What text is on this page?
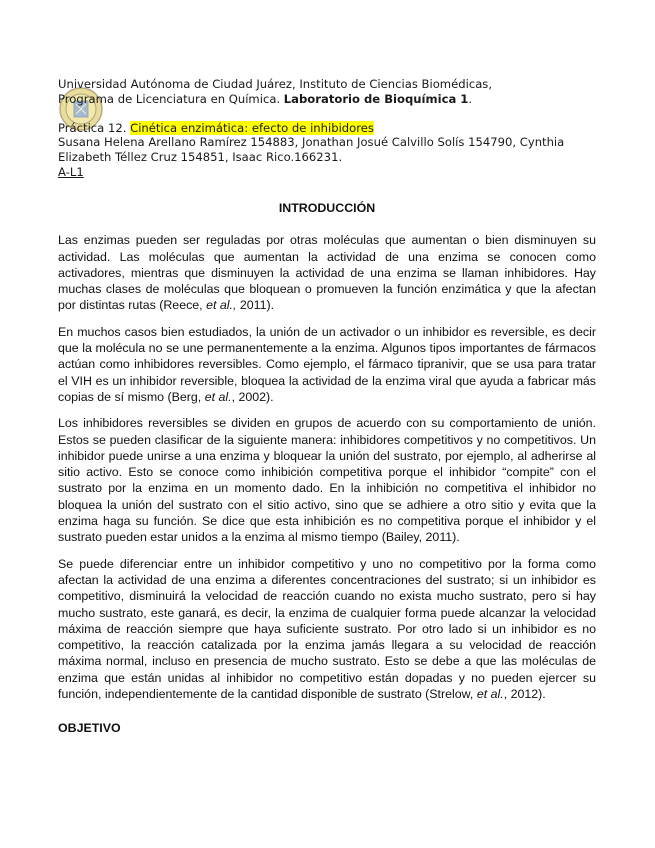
Universidad Autónoma de Ciudad Juárez, Instituto de Ciencias Biomédicas,
Programa de Licenciatura en Química. Laboratorio de Bioquímica 1.
Práctica 12. Cinética enzimática: efecto de inhibidores
Susana Helena Arellano Ramírez 154883, Jonathan Josué Calvillo Solís 154790, Cynthia
Elizabeth Téllez Cruz 154851, Isaac Rico.166231.
A-L1
INTRODUCCIÓN

Las enzimas pueden ser reguladas por otras moléculas que aumentan o bien disminuyen su actividad. Las moléculas que aumentan la actividad de una enzima se conocen como activadores, mientras que disminuyen la actividad de una enzima se llaman inhibidores. Hay muchas clases de moléculas que bloquean o promueven la función enzimática y que la afectan por distintas rutas (Reece, et al., 2011).

En muchos casos bien estudiados, la unión de un activador o un inhibidor es reversible, es decir que la molécula no se une permanentemente a la enzima. Algunos tipos importantes de fármacos actúan como inhibidores reversibles. Como ejemplo, el fármaco tipranivir, que se usa para tratar el VIH es un inhibidor reversible, bloquea la actividad de la enzima viral que ayuda a fabricar más copias de sí mismo (Berg, et al., 2002).

Los inhibidores reversibles se dividen en grupos de acuerdo con su comportamiento de unión. Estos se pueden clasificar de la siguiente manera: inhibidores competitivos y no competitivos. Un inhibidor puede unirse a una enzima y bloquear la unión del sustrato, por ejemplo, al adherirse al sitio activo. Esto se conoce como inhibición competitiva porque el inhibidor “compite” con el sustrato por la enzima en un momento dado. En la inhibición no competitiva el inhibidor no bloquea la unión del sustrato con el sitio activo, sino que se adhiere a otro sitio y evita que la enzima haga su función. Se dice que esta inhibición es no competitiva porque el inhibidor y el sustrato pueden estar unidos a la enzima al mismo tiempo (Bailey, 2011).

Se puede diferenciar entre un inhibidor competitivo y uno no competitivo por la forma como afectan la actividad de una enzima a diferentes concentraciones del sustrato; si un inhibidor es competitivo, disminuirá la velocidad de reacción cuando no exista mucho sustrato, pero si hay mucho sustrato, este ganará, es decir, la enzima de cualquier forma puede alcanzar la velocidad máxima de reacción siempre que haya suficiente sustrato. Por otro lado si un inhibidor es no competitivo, la reacción catalizada por la enzima jamás llegara a su velocidad de reacción máxima normal, incluso en presencia de mucho sustrato. Esto se debe a que las moléculas de enzima que están unidas al inhibidor no competitivo están dopadas y no pueden ejercer su función, independientemente de la cantidad disponible de sustrato (Strelow, et al., 2012).

OBJETIVO
